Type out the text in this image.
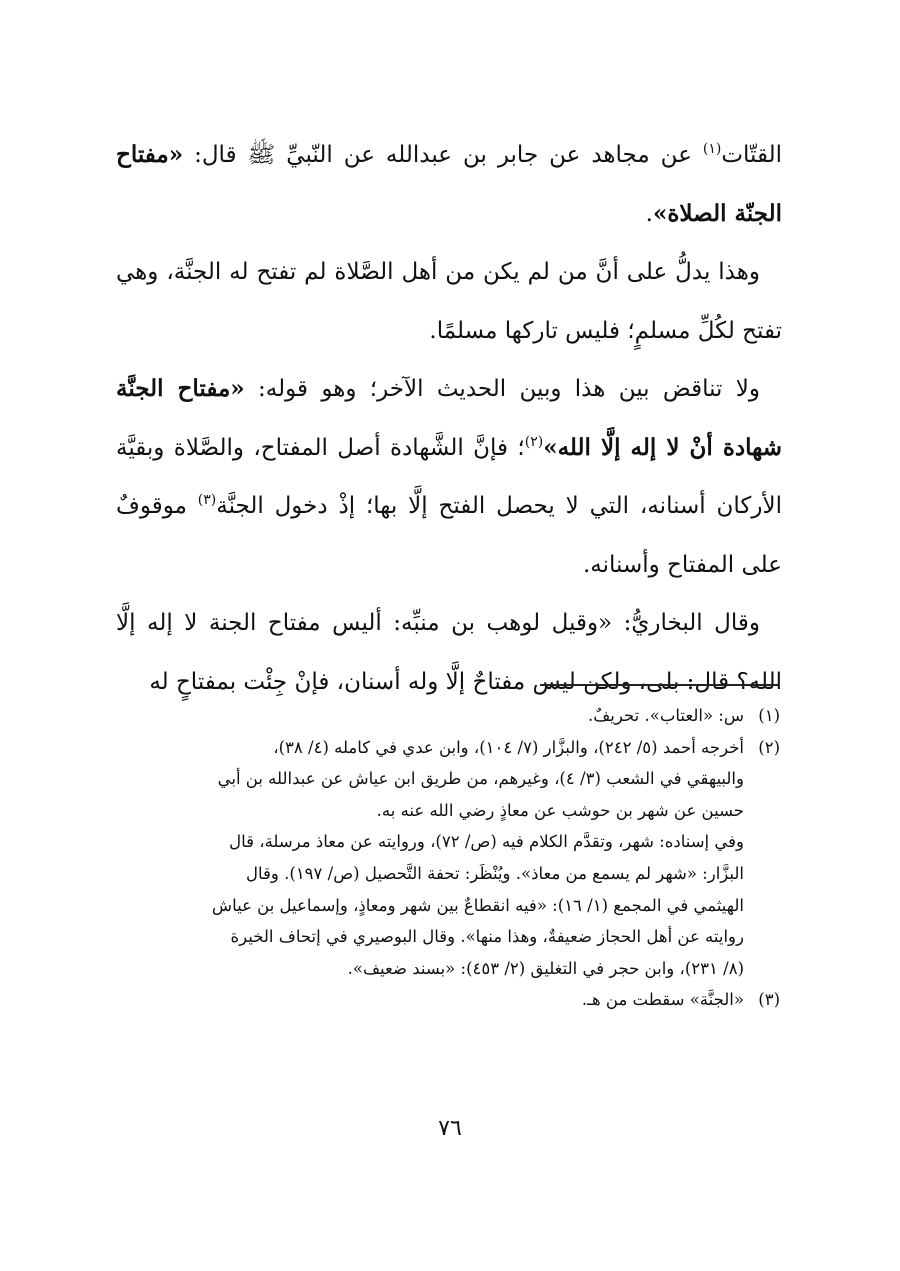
القتّات$^{(١)}$ عن مجاهد عن جابر بن عبدالله عن النّبيِّ ﷺ قال: «مفتاح الجنّة الصلاة».

وهذا يدلُّ على أنَّ من لم يكن من أهل الصَّلاة لم تفتح له الجنَّة، وهي تفتح لكُلِّ مسلمٍ؛ فليس تاركها مسلمًا.

ولا تناقض بين هذا وبين الحديث الآخر؛ وهو قوله: «مفتاح الجنَّة شهادة أنْ لا إله إلَّا الله»$^{(٢)}$؛ فإنَّ الشَّهادة أصل المفتاح، والصَّلاة وبقيَّة الأركان أسنانه، التي لا يحصل الفتح إلَّا بها؛ إذْ دخول الجنَّة$^{(٣)}$ موقوفٌ على المفتاح وأسنانه.

وقال البخاريُّ: «وقيل لوهب بن منبِّه: أليس مفتاح الجنة لا إله إلَّا الله؟ قال: بلى، ولكن ليس مفتاحٌ إلَّا وله أسنان، فإنْ جِئْت بمفتاحٍ له

(١)
س: «العتاب». تحريفٌ.
(٢)
أخرجه أحمد (٥/ ٢٤٢)، والبزَّار (٧/ ١٠٤)، وابن عدي في كامله (٤/ ٣٨)،
والبيهقي في الشعب (٣/ ٤)، وغيرهم، من طريق ابن عياش عن عبدالله بن أبي
حسين عن شهر بن حوشب عن معاذٍ رضي الله عنه به.
وفي إسناده: شهر، وتقدَّم الكلام فيه (ص/ ٧٢)، وروايته عن معاذ مرسلة، قال
البزَّار: «شهر لم يسمع من معاذ». ويُنْظَر: تحفة التَّحصيل (ص/ ١٩٧). وقال
الهيثمي في المجمع (١/ ١٦): «فيه انقطاعٌ بين شهر ومعاذٍ، وإسماعيل بن عياش
روايته عن أهل الحجاز ضعيفةٌ، وهذا منها». وقال البوصيري في إتحاف الخيرة
(٨/ ٢٣١)، وابن حجر في التغليق (٢/ ٤٥٣): «بسند ضعيف».
(٣)
«الجنَّة» سقطت من هـ.
٧٦
